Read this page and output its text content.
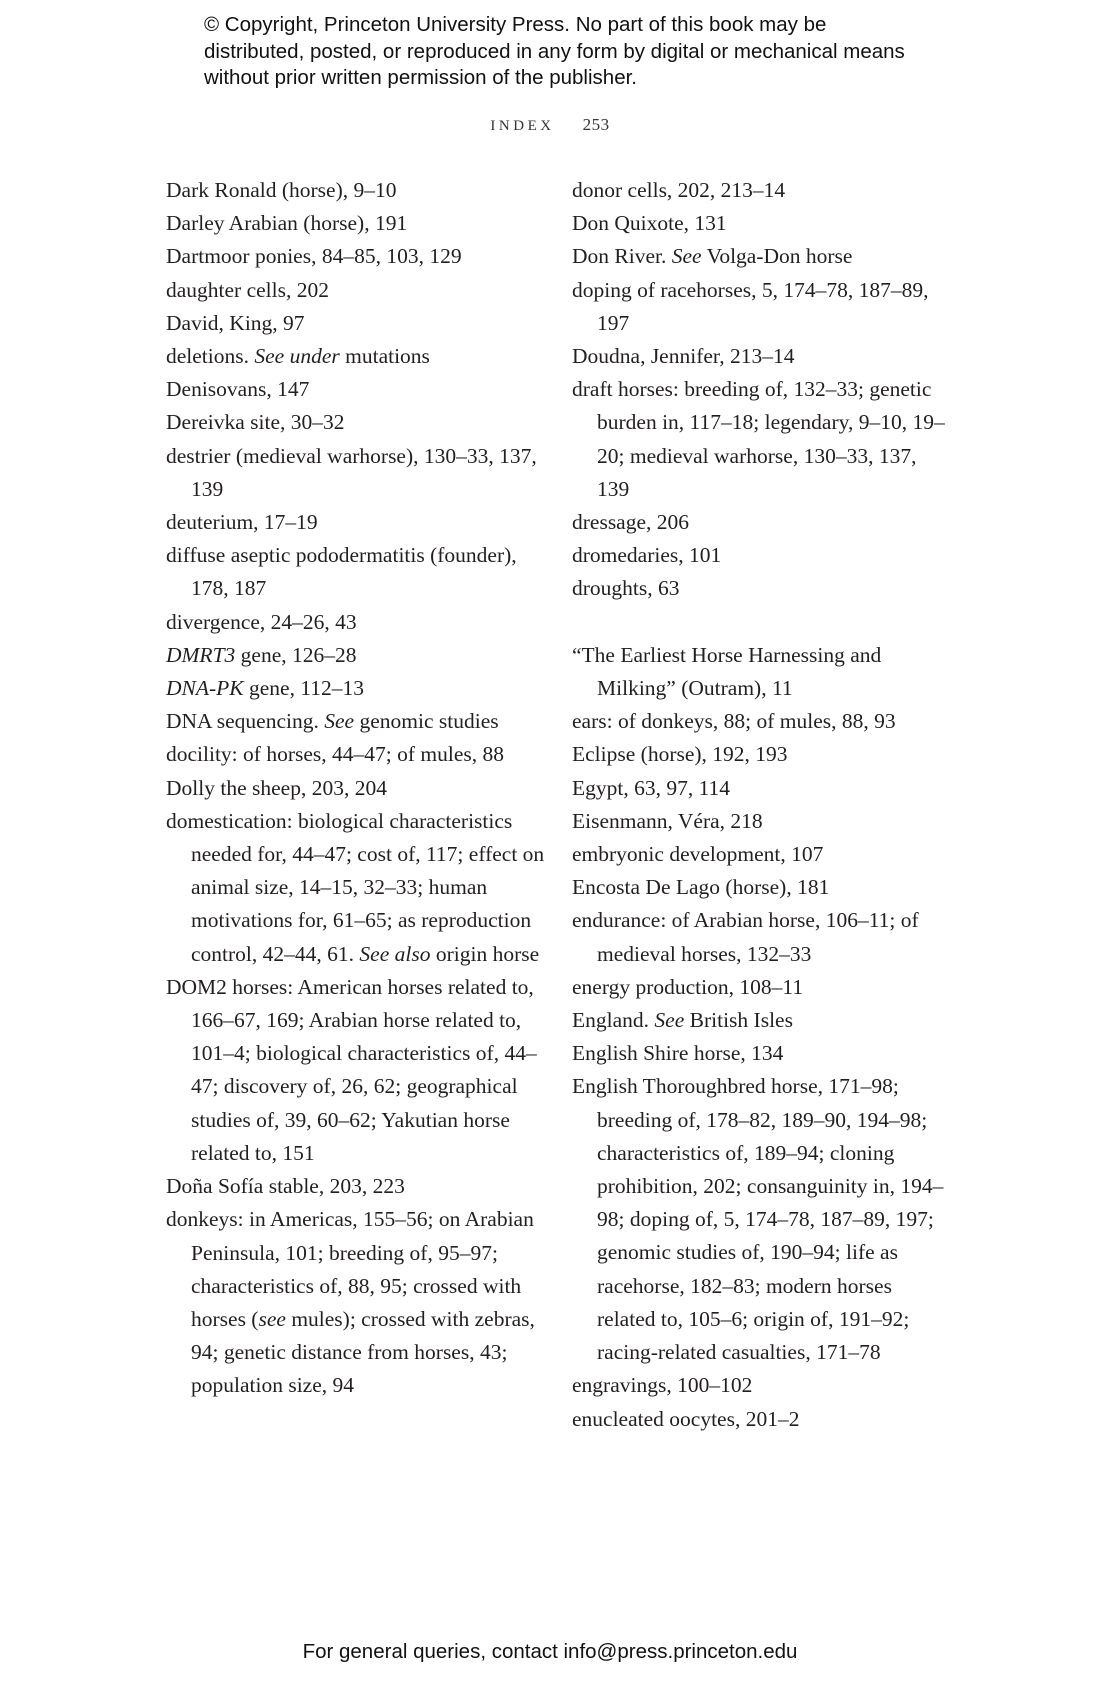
© Copyright, Princeton University Press. No part of this book may be distributed, posted, or reproduced in any form by digital or mechanical means without prior written permission of the publisher.
INDEX 253

Dark Ronald (horse), 9–10

Darley Arabian (horse), 191

Dartmoor ponies, 84–85, 103, 129

daughter cells, 202

David, King, 97

deletions. See under mutations

Denisovans, 147

Dereivka site, 30–32

destrier (medieval warhorse), 130–33, 137, 139

deuterium, 17–19

diffuse aseptic pododermatitis (founder), 178, 187

divergence, 24–26, 43

DMRT3 gene, 126–28

DNA-PK gene, 112–13

DNA sequencing. See genomic studies

docility: of horses, 44–47; of mules, 88

Dolly the sheep, 203, 204

domestication: biological characteristics needed for, 44–47; cost of, 117; effect on animal size, 14–15, 32–33; human motivations for, 61–65; as reproduction control, 42–44, 61. See also origin horse

DOM2 horses: American horses related to, 166–67, 169; Arabian horse related to, 101–4; biological characteristics of, 44–47; discovery of, 26, 62; geographical studies of, 39, 60–62; Yakutian horse related to, 151

Doña Sofía stable, 203, 223

donkeys: in Americas, 155–56; on Arabian Peninsula, 101; breeding of, 95–97; characteristics of, 88, 95; crossed with horses (see mules); crossed with zebras, 94; genetic distance from horses, 43; population size, 94

donor cells, 202, 213–14

Don Quixote, 131

Don River. See Volga-Don horse

doping of racehorses, 5, 174–78, 187–89, 197

Doudna, Jennifer, 213–14

draft horses: breeding of, 132–33; genetic burden in, 117–18; legendary, 9–10, 19–20; medieval warhorse, 130–33, 137, 139

dressage, 206

dromedaries, 101

droughts, 63

“The Earliest Horse Harnessing and Milking” (Outram), 11

ears: of donkeys, 88; of mules, 88, 93

Eclipse (horse), 192, 193

Egypt, 63, 97, 114

Eisenmann, Véra, 218

embryonic development, 107

Encosta De Lago (horse), 181

endurance: of Arabian horse, 106–11; of medieval horses, 132–33

energy production, 108–11

England. See British Isles

English Shire horse, 134

English Thoroughbred horse, 171–98; breeding of, 178–82, 189–90, 194–98; characteristics of, 189–94; cloning prohibition, 202; consanguinity in, 194–98; doping of, 5, 174–78, 187–89, 197; genomic studies of, 190–94; life as racehorse, 182–83; modern horses related to, 105–6; origin of, 191–92; racing-related casualties, 171–78

engravings, 100–102

enucleated oocytes, 201–2

For general queries, contact info@press.princeton.edu
